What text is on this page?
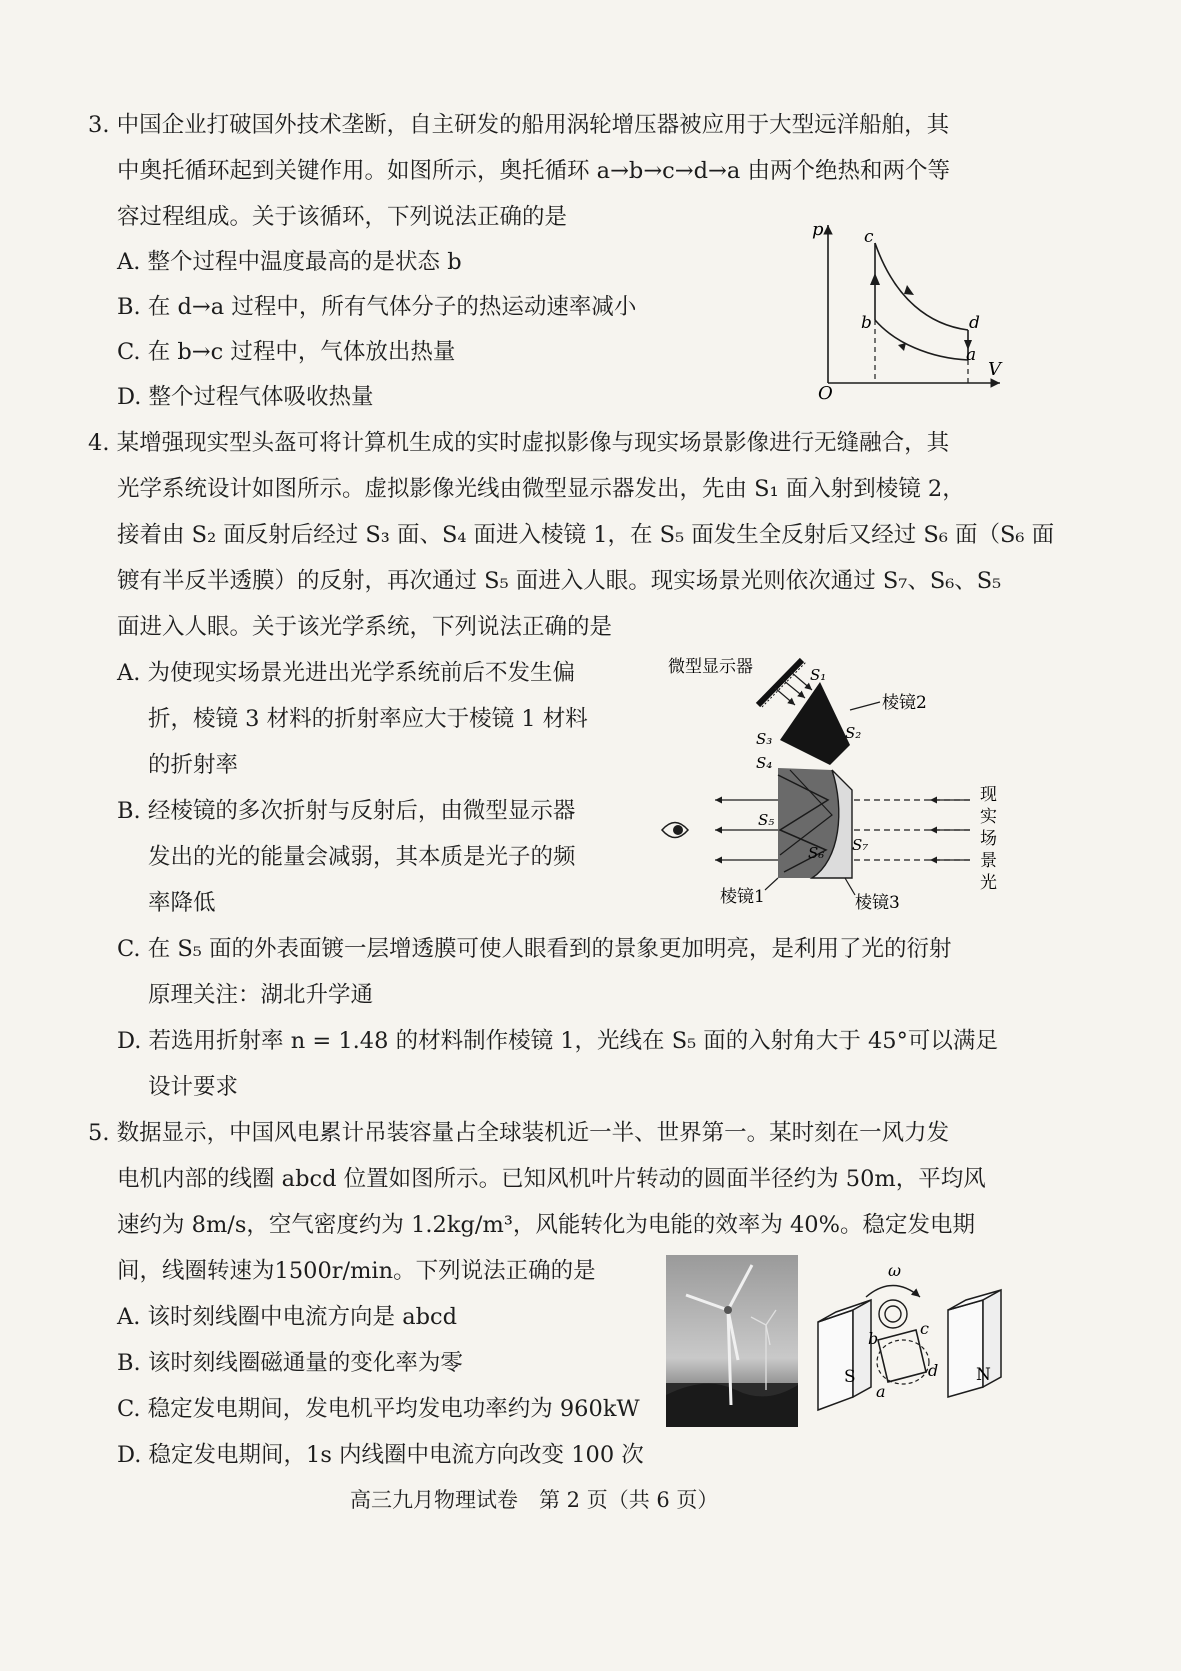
3. 中国企业打破国外技术垄断，自主研发的船用涡轮增压器被应用于大型远洋船舶，其
中奥托循环起到关键作用。如图所示，奥托循环 a→b→c→d→a 由两个绝热和两个等
容过程组成。关于该循环，下列说法正确的是
A. 整个过程中温度最高的是状态 b
B. 在 d→a 过程中，所有气体分子的热运动速率减小
C. 在 b→c 过程中，气体放出热量
D. 整个过程气体吸收热量
p
V
O
a
b
c
d
4. 某增强现实型头盔可将计算机生成的实时虚拟影像与现实场景影像进行无缝融合，其
光学系统设计如图所示。虚拟影像光线由微型显示器发出，先由 S₁ 面入射到棱镜 2，
接着由 S₂ 面反射后经过 S₃ 面、S₄ 面进入棱镜 1，在 S₅ 面发生全反射后又经过 S₆ 面（S₆ 面
镀有半反半透膜）的反射，再次通过 S₅ 面进入人眼。现实场景光则依次通过 S₇、S₆、S₅
面进入人眼。关于该光学系统，下列说法正确的是
A. 为使现实场景光进出光学系统前后不发生偏
折，棱镜 3 材料的折射率应大于棱镜 1 材料
的折射率
B. 经棱镜的多次折射与反射后，由微型显示器
发出的光的能量会减弱，其本质是光子的频
率降低
C. 在 S₅ 面的外表面镀一层增透膜可使人眼看到的景象更加明亮，是利用了光的衍射
原理关注：湖北升学通
D. 若选用折射率 n = 1.48 的材料制作棱镜 1，光线在 S₅ 面的入射角大于 45°可以满足
设计要求
微型显示器	S₁
棱镜2
S₂
S₃
S₄
S₅
S₆ S₇
棱镜1	棱镜3
现
实
场
景
光
5. 数据显示，中国风电累计吊装容量占全球装机近一半、世界第一。某时刻在一风力发
电机内部的线圈 abcd 位置如图所示。已知风机叶片转动的圆面半径约为 50m，平均风
速约为 8m/s，空气密度约为 1.2kg/m³，风能转化为电能的效率为 40%。稳定发电期
间，线圈转速为1500r/min。下列说法正确的是
A. 该时刻线圈中电流方向是 abcd
B. 该时刻线圈磁通量的变化率为零
C. 稳定发电期间，发电机平均发电功率约为 960kW
D. 稳定发电期间，1s 内线圈中电流方向改变 100 次
ω
S	N
a
b
c
d
高三九月物理试卷　第 2 页（共 6 页）
